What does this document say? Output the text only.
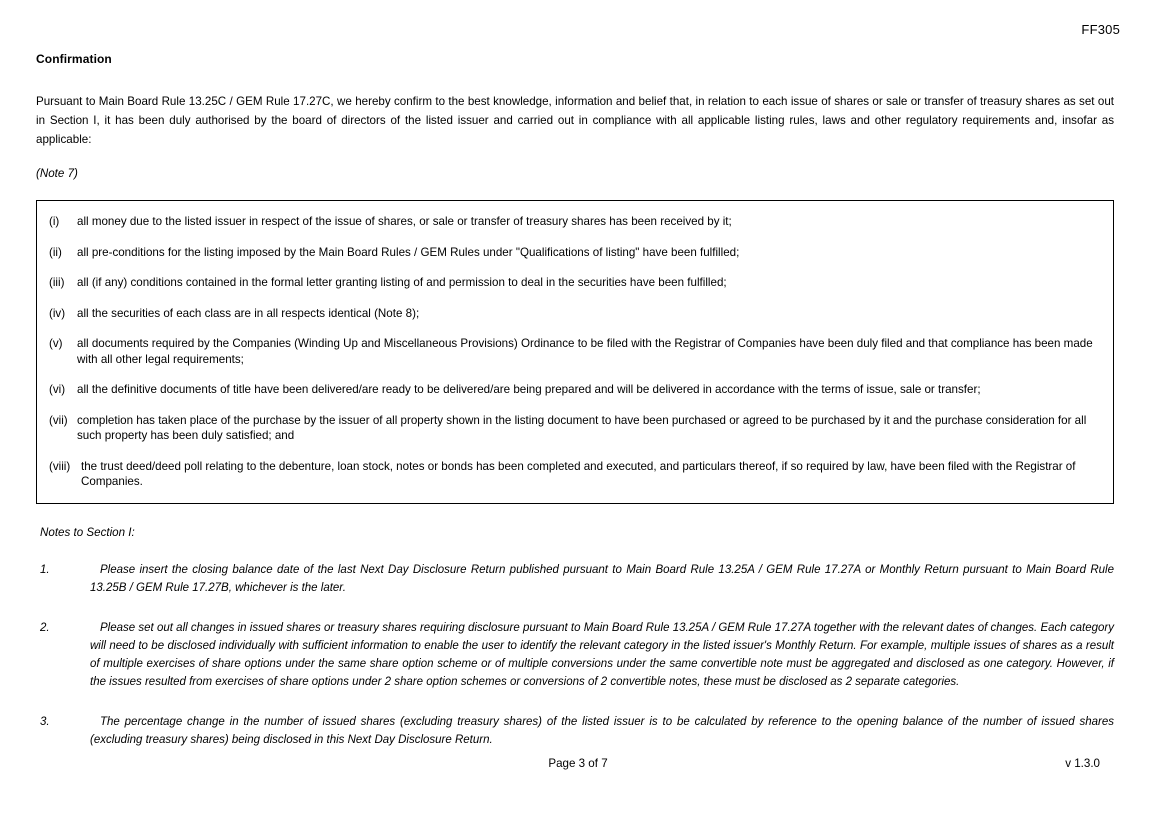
FF305
Confirmation
Pursuant to Main Board Rule 13.25C / GEM Rule 17.27C, we hereby confirm to the best knowledge, information and belief that, in relation to each issue of shares or sale or transfer of treasury shares as set out in Section I, it has been duly authorised by the board of directors of the listed issuer and carried out in compliance with all applicable listing rules, laws and other regulatory requirements and, insofar as applicable:
(Note 7)
(i)	all money due to the listed issuer in respect of the issue of shares, or sale or transfer of treasury shares has been received by it;
(ii)	all pre-conditions for the listing imposed by the Main Board Rules / GEM Rules under "Qualifications of listing" have been fulfilled;
(iii)	all (if any) conditions contained in the formal letter granting listing of and permission to deal in the securities have been fulfilled;
(iv)	all the securities of each class are in all respects identical (Note 8);
(v)	all documents required by the Companies (Winding Up and Miscellaneous Provisions) Ordinance to be filed with the Registrar of Companies have been duly filed and that compliance has been made with all other legal requirements;
(vi)	all the definitive documents of title have been delivered/are ready to be delivered/are being prepared and will be delivered in accordance with the terms of issue, sale or transfer;
(vii) completion has taken place of the purchase by the issuer of all property shown in the listing document to have been purchased or agreed to be purchased by it and the purchase consideration for all such property has been duly satisfied; and
(viii) the trust deed/deed poll relating to the debenture, loan stock, notes or bonds has been completed and executed, and particulars thereof, if so required by law, have been filed with the Registrar of Companies.
Notes to Section I:
1.	Please insert the closing balance date of the last Next Day Disclosure Return published pursuant to Main Board Rule 13.25A / GEM Rule 17.27A or Monthly Return pursuant to Main Board Rule 13.25B / GEM Rule 17.27B, whichever is the later.
2.	Please set out all changes in issued shares or treasury shares requiring disclosure pursuant to Main Board Rule 13.25A / GEM Rule 17.27A together with the relevant dates of changes. Each category will need to be disclosed individually with sufficient information to enable the user to identify the relevant category in the listed issuer's Monthly Return. For example, multiple issues of shares as a result of multiple exercises of share options under the same share option scheme or of multiple conversions under the same convertible note must be aggregated and disclosed as one category. However, if the issues resulted from exercises of share options under 2 share option schemes or conversions of 2 convertible notes, these must be disclosed as 2 separate categories.
3.	The percentage change in the number of issued shares (excluding treasury shares) of the listed issuer is to be calculated by reference to the opening balance of the number of issued shares (excluding treasury shares) being disclosed in this Next Day Disclosure Return.
Page 3 of 7	v 1.3.0
